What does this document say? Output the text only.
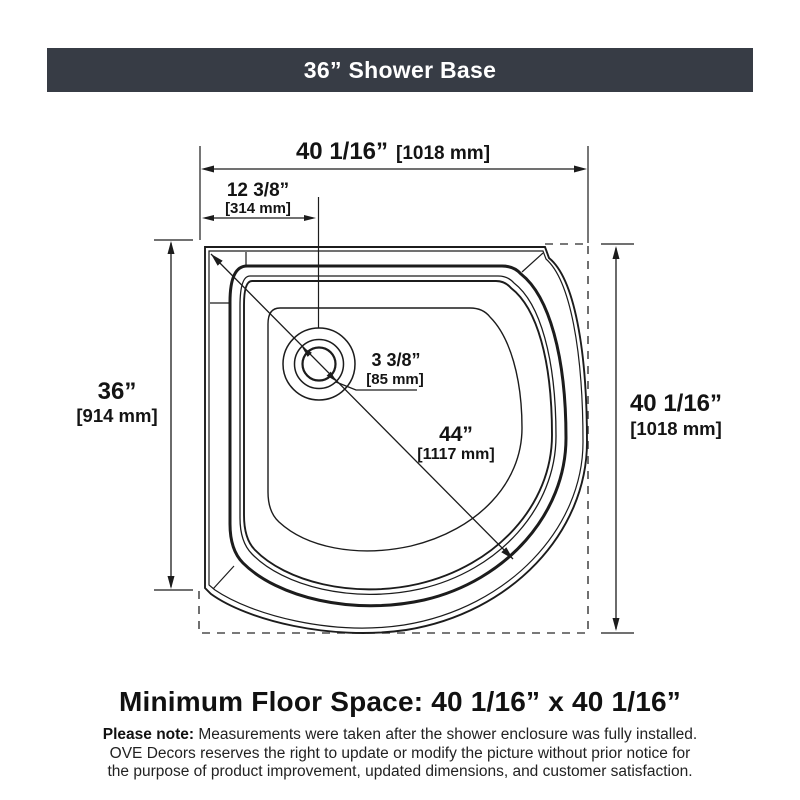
36” Shower Base
44”
[1117 mm]
3 3/8”
[85 mm]
40 1/16” [1018 mm]
12 3/8”
[314 mm]
36”
[914 mm]	40 1/16”
[1018 mm]
Minimum Floor Space: 40 1/16” x 40 1/16”
Please note: Measurements were taken after the shower enclosure was fully installed.
OVE Decors reserves the right to update or modify the picture without prior notice for
the purpose of product improvement, updated dimensions, and customer satisfaction.
